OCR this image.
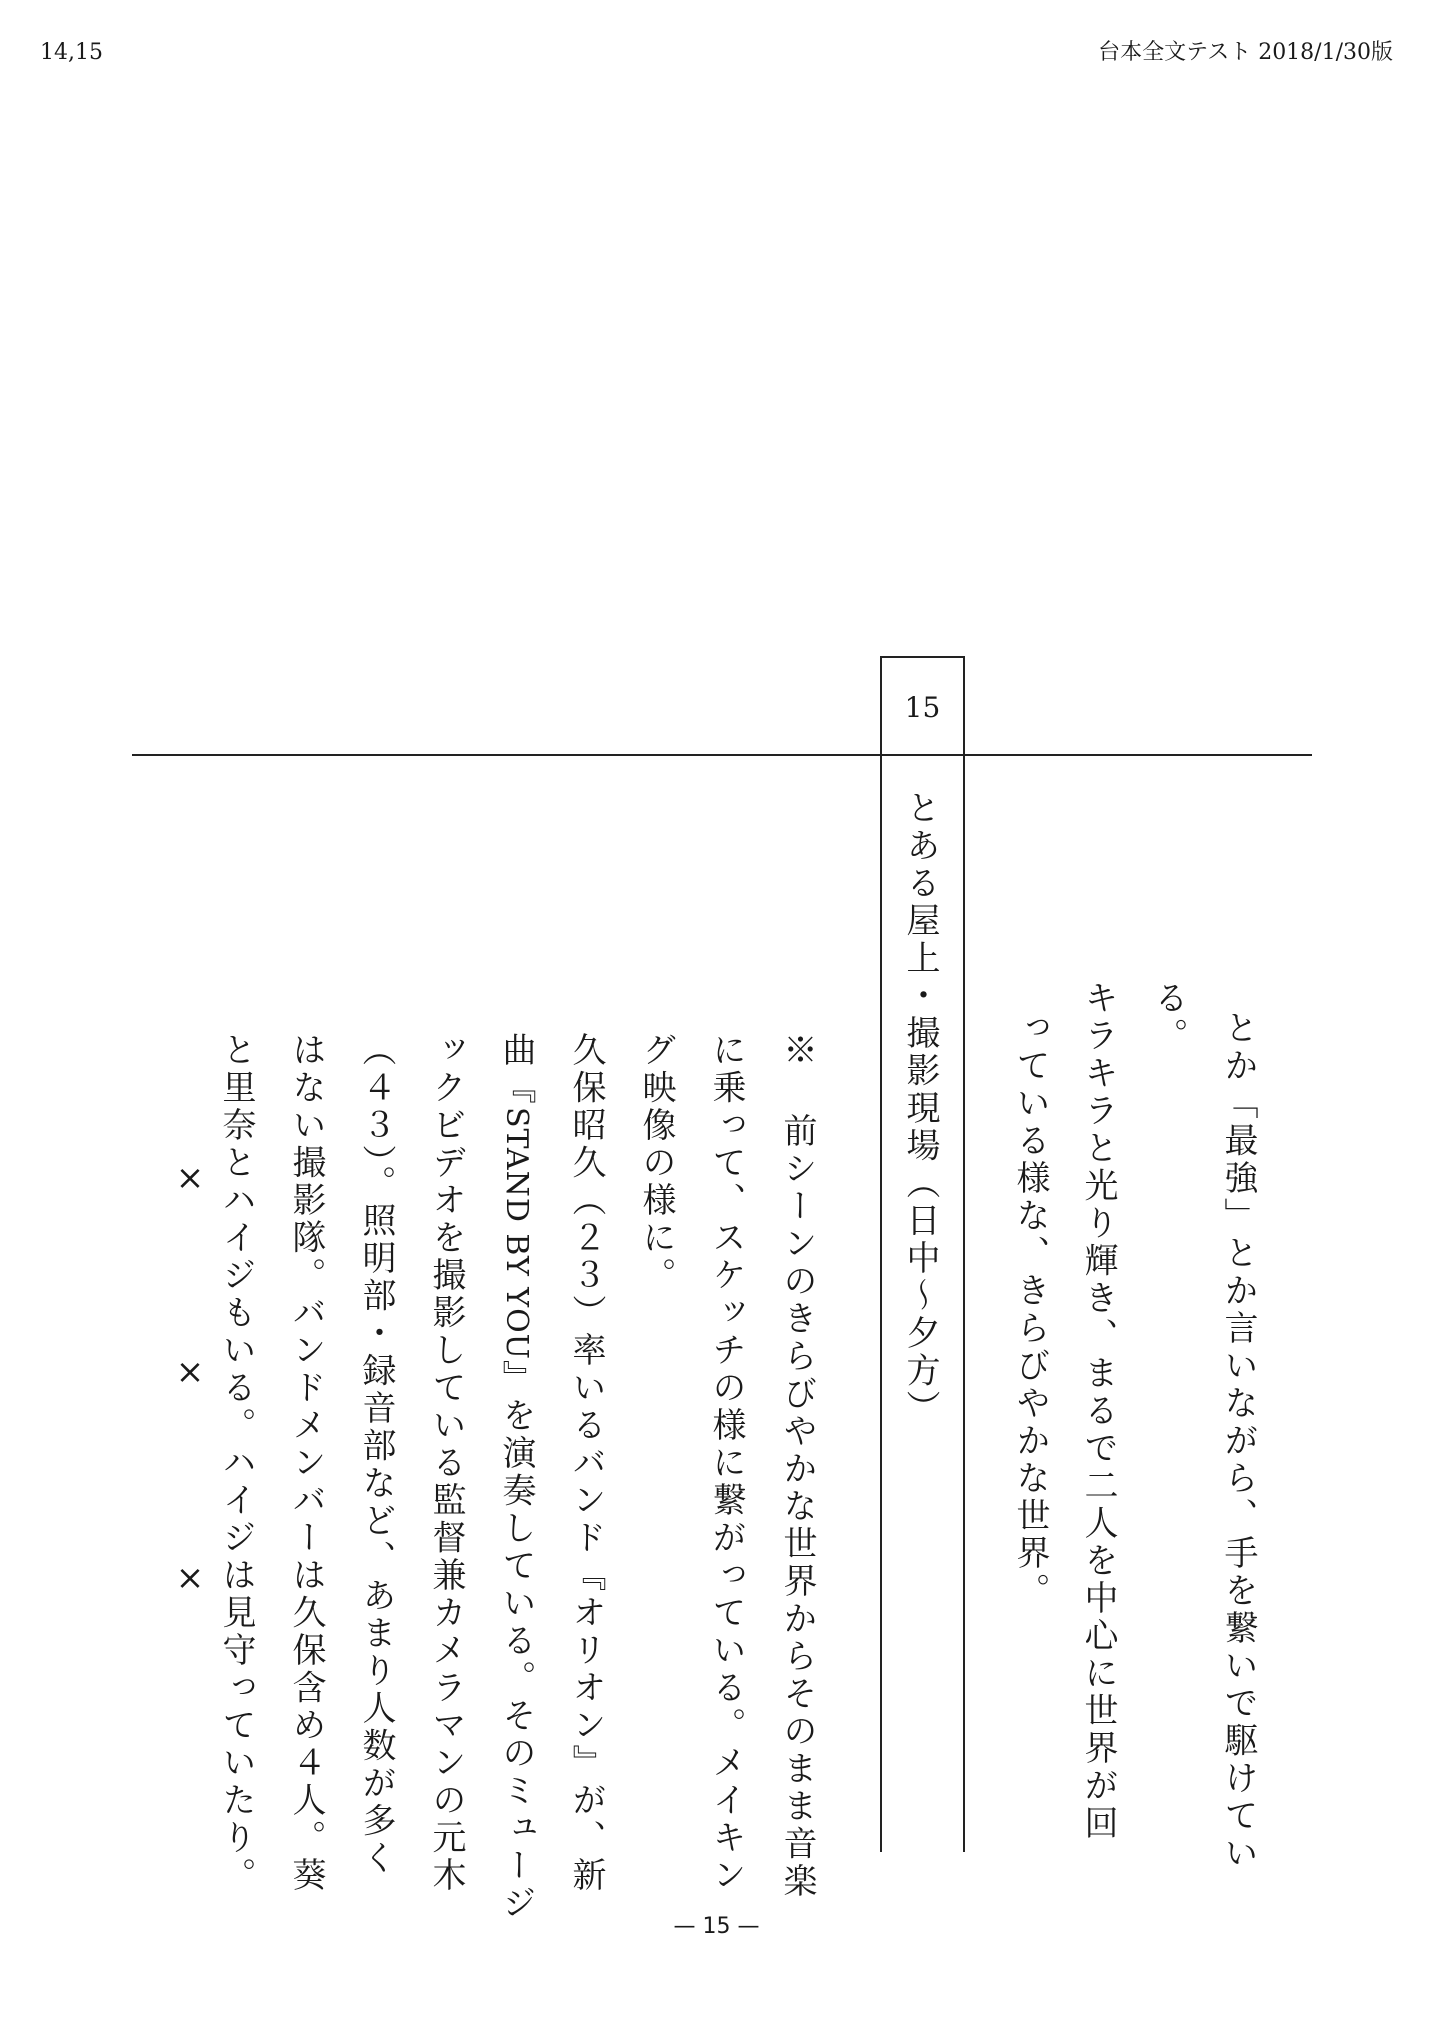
14,15	台本全文テスト 2018/1/30版
15
とある屋上・撮影現場（日中〜夕方）	とか「最強」とか言いながら、手を繋いで駆けてい
る。
キラキラと光り輝き、まるで二人を中心に世界が回
っている様な、きらびやかな世界。
※ 前シーンのきらびやかな世界からそのまま音楽
に乗って、スケッチの様に繋がっている。メイキン
グ映像の様に。
久保昭久（２３）率いるバンド『オリオン』が、新
曲『STAND BY YOU』を演奏している。そのミュージ
ックビデオを撮影している監督兼カメラマンの元木
（４３）。照明部・録音部など、あまり人数が多く
はない撮影隊。バンドメンバーは久保含め４人。葵
と里奈とハイジもいる。ハイジは見守っていたり。
×
×
×
— 15 —
